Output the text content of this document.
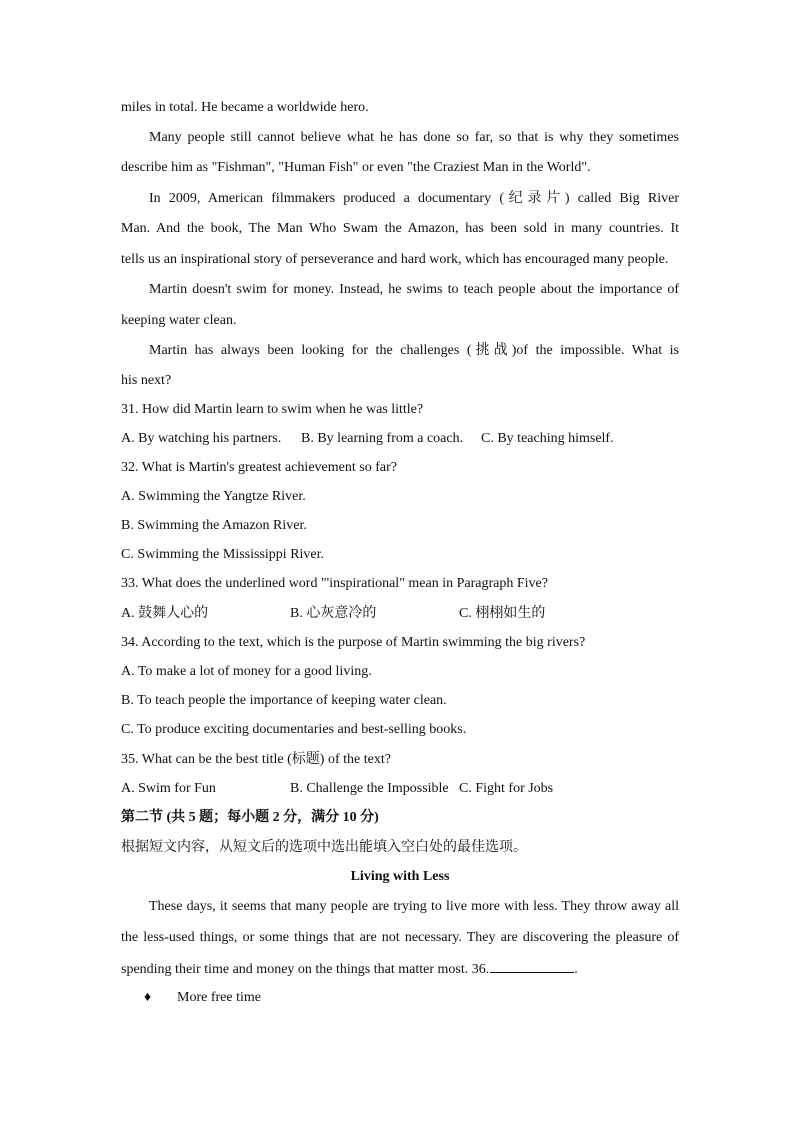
miles in total. He became a worldwide hero.
Many people still cannot believe what he has done so far, so that is why they sometimes
describe him as "Fishman", "Human Fish" or even "the Craziest Man in the World".
In 2009, American filmmakers produced a documentary (纪录片) called Big River
Man. And the book, The Man Who Swam the Amazon, has been sold in many countries. It
tells us an inspirational story of perseverance and hard work, which has encouraged many people.
Martin doesn't swim for money. Instead, he swims to teach people about the importance of
keeping water clean.
Martin has always been looking for the challenges (挑战)of the impossible. What is
his next?
31. How did Martin learn to swim when he was little?
A. By watching his partners. B. By learning from a coach. C. By teaching himself.
32. What is Martin's greatest achievement so far?
A. Swimming the Yangtze River.
B. Swimming the Amazon River.
C. Swimming the Mississippi River.
33. What does the underlined word "'inspirational" mean in Paragraph Five?
A. 鼓舞人心的	B. 心灰意冷的	C. 栩栩如生的
34. According to the text, which is the purpose of Martin swimming the big rivers?
A. To make a lot of money for a good living.
B. To teach people the importance of keeping water clean.
C. To produce exciting documentaries and best-selling books.
35. What can be the best title (标题) of the text?
A. Swim for Fun	B. Challenge the Impossible C. Fight for Jobs
第二节 (共 5 题；每小题 2 分，满分 10 分)
根据短文内容，从短文后的选项中选出能填入空白处的最佳选项。
Living with Less
These days, it seems that many people are trying to live more with less. They throw away all
the less-used things, or some things that are not necessary. They are discovering the pleasure of
spending their time and money on the things that matter most. 36.	.
♦ More free time
